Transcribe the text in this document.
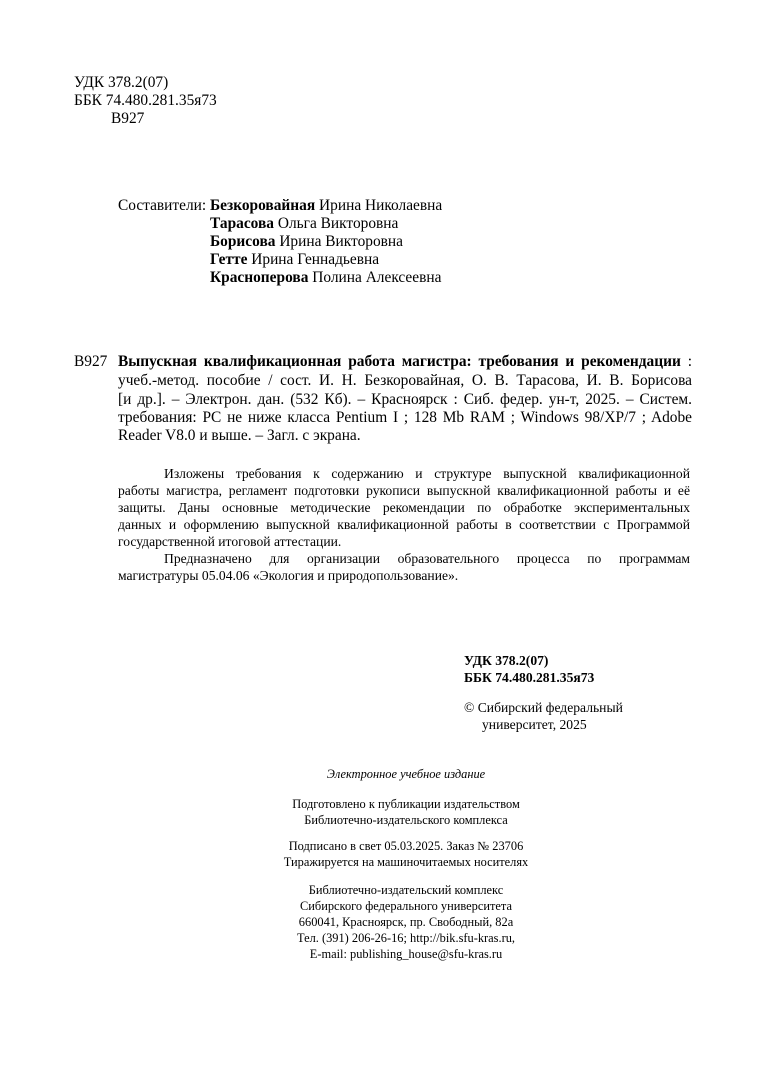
УДК 378.2(07)
ББК 74.480.281.35я73
В927
Составители: Безкоровайная Ирина Николаевна
Тарасова Ольга Викторовна
Борисова Ирина Викторовна
Гетте Ирина Геннадьевна
Красноперова Полина Алексеевна
В927 Выпускная квалификационная работа магистра: требования и рекомендации :
учеб.-метод. пособие / сост. И. Н. Безкоровайная, О. В. Тарасова, И. В. Борисова
[и др.]. – Электрон. дан. (532 Кб). – Красноярск : Сиб. федер. ун-т, 2025. – Систем.
требования: PC не ниже класса Pentium I ; 128 Mb RAM ; Windows 98/XP/7 ; Adobe
Reader V8.0 и выше. – Загл. с экрана.
Изложены требования к содержанию и структуре выпускной квалификационной
работы магистра, регламент подготовки рукописи выпускной квалификационной работы и её
защиты. Даны основные методические рекомендации по обработке экспериментальных
данных и оформлению выпускной квалификационной работы в соответствии с Программой
государственной итоговой аттестации.
Предназначено для организации образовательного процесса по программам
магистратуры 05.04.06 «Экология и природопользование».
УДК 378.2(07)
ББК 74.480.281.35я73
© Сибирский федеральный
университет, 2025
Электронное учебное издание
Подготовлено к публикации издательством
Библиотечно-издательского комплекса
Подписано в свет 05.03.2025. Заказ № 23706
Тиражируется на машиночитаемых носителях
Библиотечно-издательский комплекс
Сибирского федерального университета
660041, Красноярск, пр. Свободный, 82а
Тел. (391) 206-26-16; http://bik.sfu-kras.ru,
E-mail: publishing_house@sfu-kras.ru
